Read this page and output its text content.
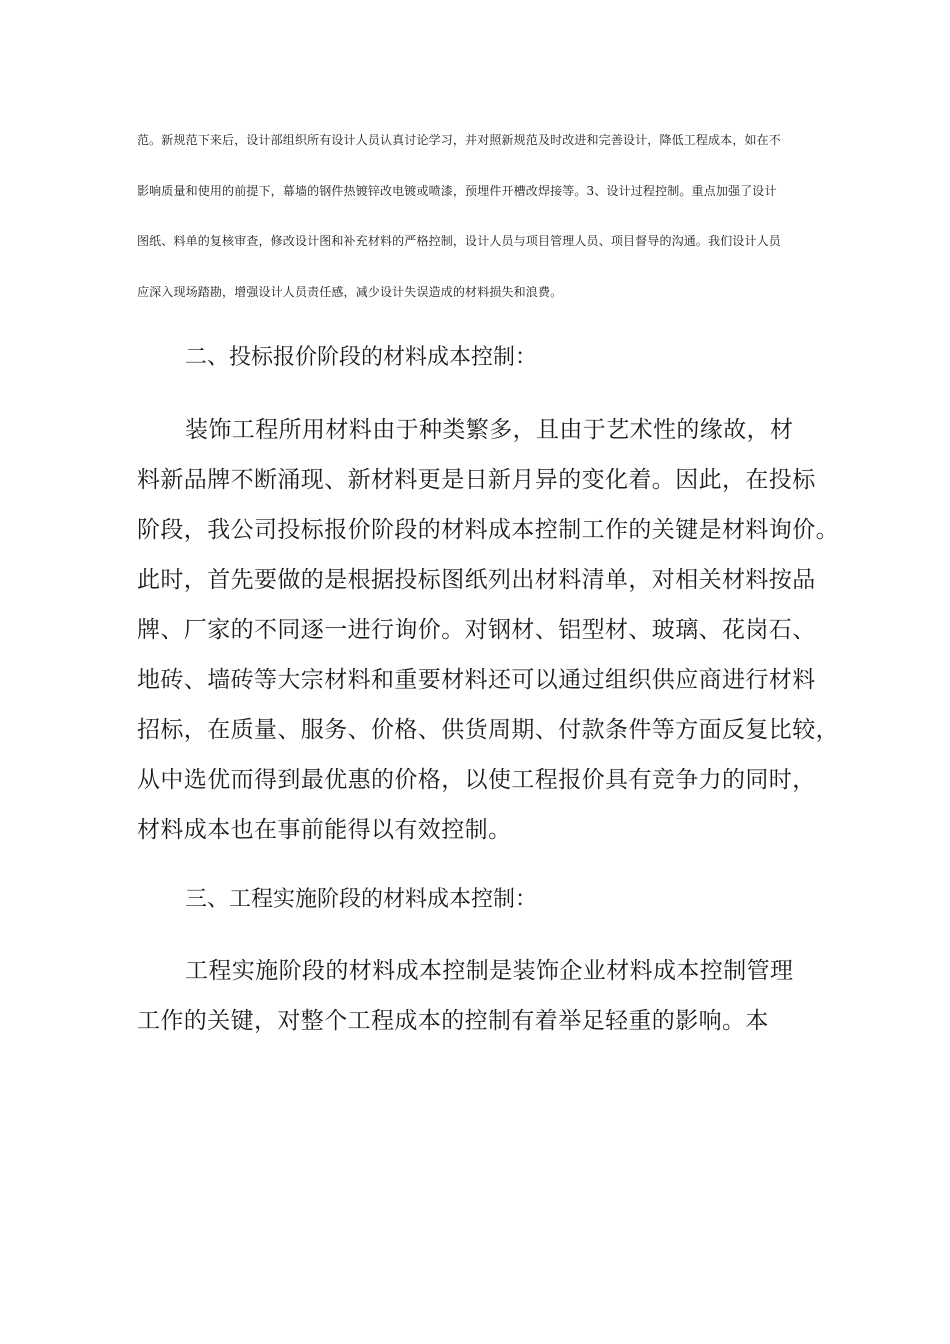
范。新规范下来后，设计部组织所有设计人员认真讨论学习，并对照新规范及时改进和完善设计，降低工程成本，如在不
影响质量和使用的前提下，幕墙的钢件热镀锌改电镀或喷漆，预埋件开槽改焊接等。3、设计过程控制。重点加强了设计
图纸、料单的复核审查，修改设计图和补充材料的严格控制，设计人员与项目管理人员、项目督导的沟通。我们设计人员
应深入现场踏勘，增强设计人员责任感，减少设计失误造成的材料损失和浪费。
二、投标报价阶段的材料成本控制：
装饰工程所用材料由于种类繁多，且由于艺术性的缘故，材
料新品牌不断涌现、新材料更是日新月异的变化着。因此，在投标
阶段，我公司投标报价阶段的材料成本控制工作的关键是材料询价。
此时，首先要做的是根据投标图纸列出材料清单，对相关材料按品
牌、厂家的不同逐一进行询价。对钢材、铝型材、玻璃、花岗石、
地砖、墙砖等大宗材料和重要材料还可以通过组织供应商进行材料
招标，在质量、服务、价格、供货周期、付款条件等方面反复比较，
从中选优而得到最优惠的价格，以使工程报价具有竞争力的同时，
材料成本也在事前能得以有效控制。
三、工程实施阶段的材料成本控制：
工程实施阶段的材料成本控制是装饰企业材料成本控制管理
工作的关键，对整个工程成本的控制有着举足轻重的影响。本
